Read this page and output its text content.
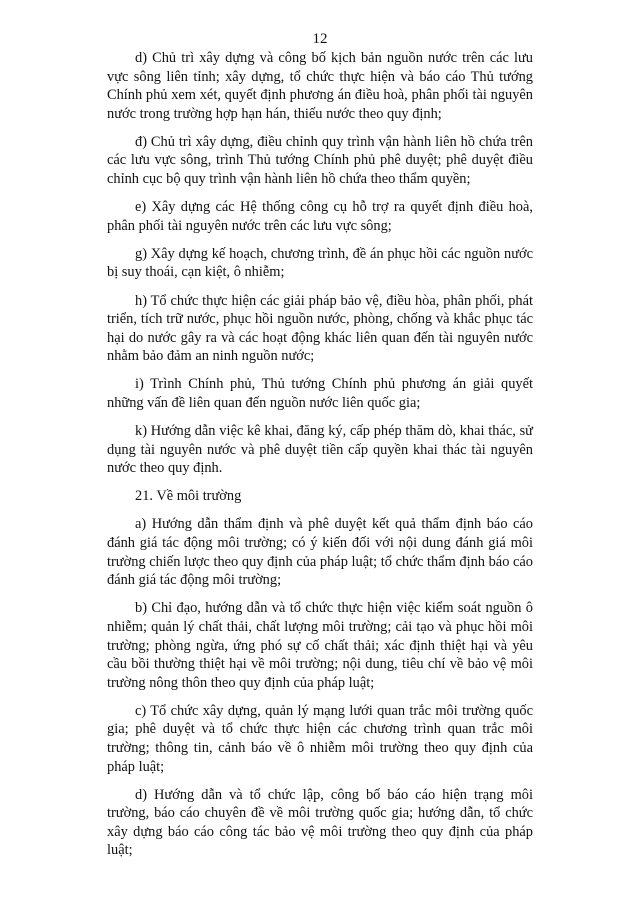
12

d) Chủ trì xây dựng và công bố kịch bản nguồn nước trên các lưu vực sông liên tỉnh; xây dựng, tổ chức thực hiện và báo cáo Thủ tướng Chính phủ xem xét, quyết định phương án điều hoà, phân phối tài nguyên nước trong trường hợp hạn hán, thiếu nước theo quy định;

đ) Chủ trì xây dựng, điều chỉnh quy trình vận hành liên hồ chứa trên các lưu vực sông, trình Thủ tướng Chính phủ phê duyệt; phê duyệt điều chỉnh cục bộ quy trình vận hành liên hồ chứa theo thẩm quyền;

e) Xây dựng các Hệ thống công cụ hỗ trợ ra quyết định điều hoà, phân phối tài nguyên nước trên các lưu vực sông;

g) Xây dựng kế hoạch, chương trình, đề án phục hồi các nguồn nước bị suy thoái, cạn kiệt, ô nhiễm;

h) Tổ chức thực hiện các giải pháp bảo vệ, điều hòa, phân phối, phát triển, tích trữ nước, phục hồi nguồn nước, phòng, chống và khắc phục tác hại do nước gây ra và các hoạt động khác liên quan đến tài nguyên nước nhằm bảo đảm an ninh nguồn nước;

i) Trình Chính phủ, Thủ tướng Chính phủ phương án giải quyết những vấn đề liên quan đến nguồn nước liên quốc gia;

k) Hướng dẫn việc kê khai, đăng ký, cấp phép thăm dò, khai thác, sử dụng tài nguyên nước và phê duyệt tiền cấp quyền khai thác tài nguyên nước theo quy định.

21. Về môi trường

a) Hướng dẫn thẩm định và phê duyệt kết quả thẩm định báo cáo đánh giá tác động môi trường; có ý kiến đối với nội dung đánh giá môi trường chiến lược theo quy định của pháp luật; tổ chức thẩm định báo cáo đánh giá tác động môi trường;

b) Chỉ đạo, hướng dẫn và tổ chức thực hiện việc kiểm soát nguồn ô nhiễm; quản lý chất thải, chất lượng môi trường; cải tạo và phục hồi môi trường; phòng ngừa, ứng phó sự cố chất thải; xác định thiệt hại và yêu cầu bồi thường thiệt hại về môi trường; nội dung, tiêu chí về bảo vệ môi trường nông thôn theo quy định của pháp luật;

c) Tổ chức xây dựng, quản lý mạng lưới quan trắc môi trường quốc gia; phê duyệt và tổ chức thực hiện các chương trình quan trắc môi trường; thông tin, cảnh báo về ô nhiễm môi trường theo quy định của pháp luật;

d) Hướng dẫn và tổ chức lập, công bố báo cáo hiện trạng môi trường, báo cáo chuyên đề về môi trường quốc gia; hướng dẫn, tổ chức xây dựng báo cáo công tác bảo vệ môi trường theo quy định của pháp luật;
